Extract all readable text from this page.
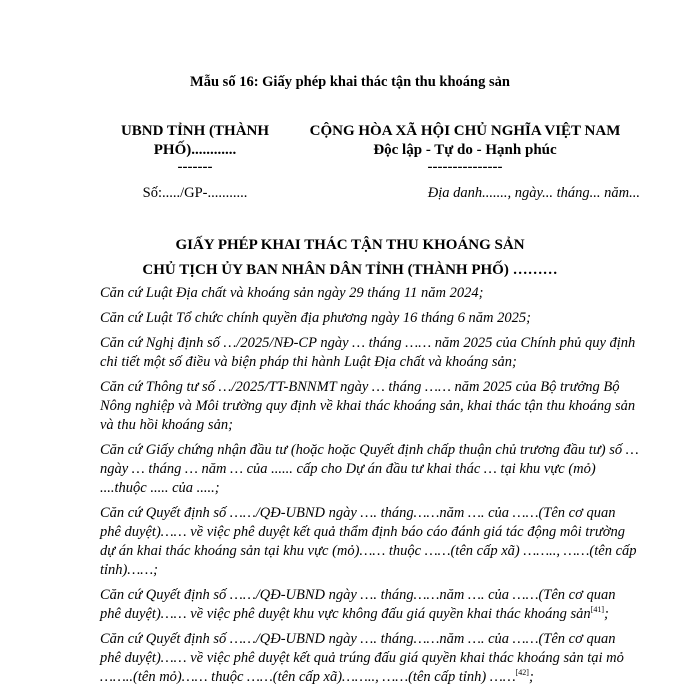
Mẫu số 16: Giấy phép khai thác tận thu khoáng sản
UBND TỈNH (THÀNH
PHỐ)............
-------
CỘNG HÒA XÃ HỘI CHỦ NGHĨA VIỆT NAM
Độc lập - Tự do - Hạnh phúc
---------------
Số:...../GP-...........	Địa danh......., ngày... tháng... năm...
GIẤY PHÉP KHAI THÁC TẬN THU KHOÁNG SẢN
CHỦ TỊCH ỦY BAN NHÂN DÂN TỈNH (THÀNH PHỐ) ………

Căn cứ Luật Địa chất và khoáng sản ngày 29 tháng 11 năm 2024;

Căn cứ Luật Tổ chức chính quyền địa phương ngày 16 tháng 6 năm 2025;

Căn cứ Nghị định số …/2025/NĐ-CP ngày … tháng …… năm 2025 của Chính phủ quy định chi tiết một số điều và biện pháp thi hành Luật Địa chất và khoáng sản;

Căn cứ Thông tư số …/2025/TT-BNNMT ngày … tháng …… năm 2025 của Bộ trưởng Bộ Nông nghiệp và Môi trường quy định về khai thác khoáng sản, khai thác tận thu khoáng sản và thu hồi khoáng sản;

Căn cứ Giấy chứng nhận đầu tư (hoặc hoặc Quyết định chấp thuận chủ trương đầu tư) số … ngày … tháng … năm … của ...... cấp cho Dự án đầu tư khai thác … tại khu vực (mỏ) ....thuộc ..... của .....;

Căn cứ Quyết định số ……/QĐ-UBND ngày …. tháng……năm …. của ……(Tên cơ quan phê duyệt)…… về việc phê duyệt kết quả thẩm định báo cáo đánh giá tác động môi trường dự án khai thác khoáng sản tại khu vực (mỏ)…… thuộc ……(tên cấp xã) …….., ……(tên cấp tỉnh)……;

Căn cứ Quyết định số ……/QĐ-UBND ngày …. tháng……năm …. của ……(Tên cơ quan phê duyệt)…… về việc phê duyệt khu vực không đấu giá quyền khai thác khoáng sản[41];

Căn cứ Quyết định số ……/QĐ-UBND ngày …. tháng……năm …. của ……(Tên cơ quan phê duyệt)…… về việc phê duyệt kết quả trúng đấu giá quyền khai thác khoáng sản tại mỏ ……..(tên mỏ)…… thuộc ……(tên cấp xã)…….., ……(tên cấp tỉnh) ……[42];
